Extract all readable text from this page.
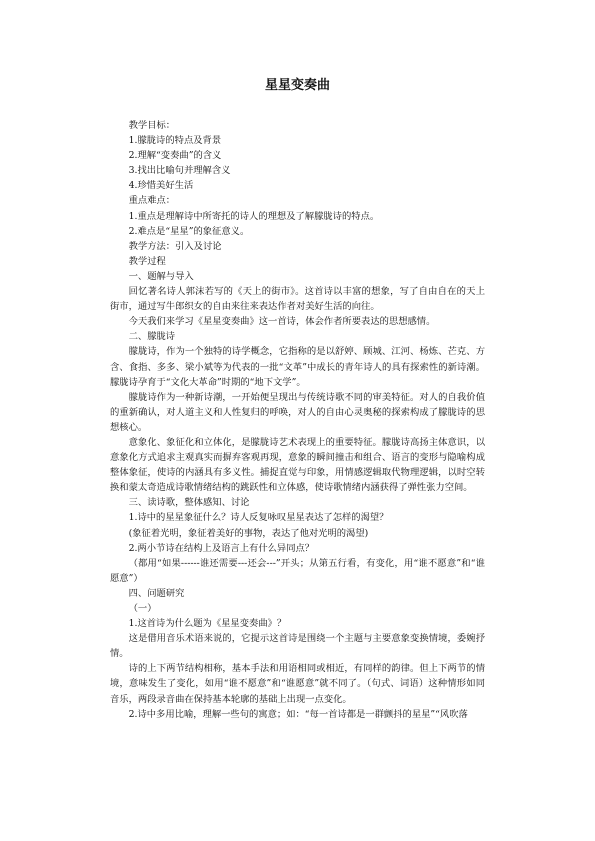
星星变奏曲

教学目标：

1.朦胧诗的特点及背景

2.理解“变奏曲”的含义

3.找出比喻句并理解含义

4.珍惜美好生活

重点难点：

1.重点是理解诗中所寄托的诗人的理想及了解朦胧诗的特点。

2.难点是“星星”的象征意义。

教学方法：引入及讨论

教学过程

一、题解与导入

回忆著名诗人郭沫若写的《天上的街市》。这首诗以丰富的想象，写了自由自在的天上街市，通过写牛郎织女的自由来往来表达作者对美好生活的向往。

今天我们来学习《星星变奏曲》这一首诗，体会作者所要表达的思想感情。

二、朦胧诗

朦胧诗，作为一个独特的诗学概念，它指称的是以舒婷、顾城、江河、杨炼、芒克、方含、食指、多多、梁小斌等为代表的一批“文革”中成长的青年诗人的具有探索性的新诗潮。朦胧诗孕育于“文化大革命”时期的“地下文学”。

朦胧诗作为一种新诗潮，一开始便呈现出与传统诗歌不同的审美特征。对人的自我价值的重新确认，对人道主义和人性复归的呼唤，对人的自由心灵奥秘的探索构成了朦胧诗的思想核心。

意象化、象征化和立体化，是朦胧诗艺术表现上的重要特征。朦胧诗高扬主体意识，以意象化方式追求主观真实而摒弃客观再现，意象的瞬间撞击和组合、语言的变形与隐喻构成整体象征，使诗的内涵具有多义性。捕捉直觉与印象，用情感逻辑取代物理逻辑，以时空转换和蒙太奇造成诗歌情绪结构的跳跃性和立体感，使诗歌情绪内涵获得了弹性张力空间。

三、读诗歌，整体感知、讨论

1.诗中的星星象征什么？诗人反复咏叹星星表达了怎样的渴望？

(象征着光明，象征着美好的事物，表达了他对光明的渴望)

2.两小节诗在结构上及语言上有什么异同点？

（都用“如果------谁还需要---还会---”开头；从第五行看，有变化，用“谁不愿意”和“谁愿意”）

四、问题研究

（一）

1.这首诗为什么题为《星星变奏曲》？

这是借用音乐术语来说的，它提示这首诗是围绕一个主题与主要意象变换情境，委婉抒情。

诗的上下两节结构相称，基本手法和用语相同或相近，有同样的韵律。但上下两节的情境，意味发生了变化，如用“谁不愿意”和“谁愿意”就不同了。（句式、词语）这种情形如同音乐，两段录音曲在保持基本轮廓的基础上出现一点变化。

2.诗中多用比喻，理解一些句的寓意；如：“每一首诗都是一群颤抖的星星”“风吹落
